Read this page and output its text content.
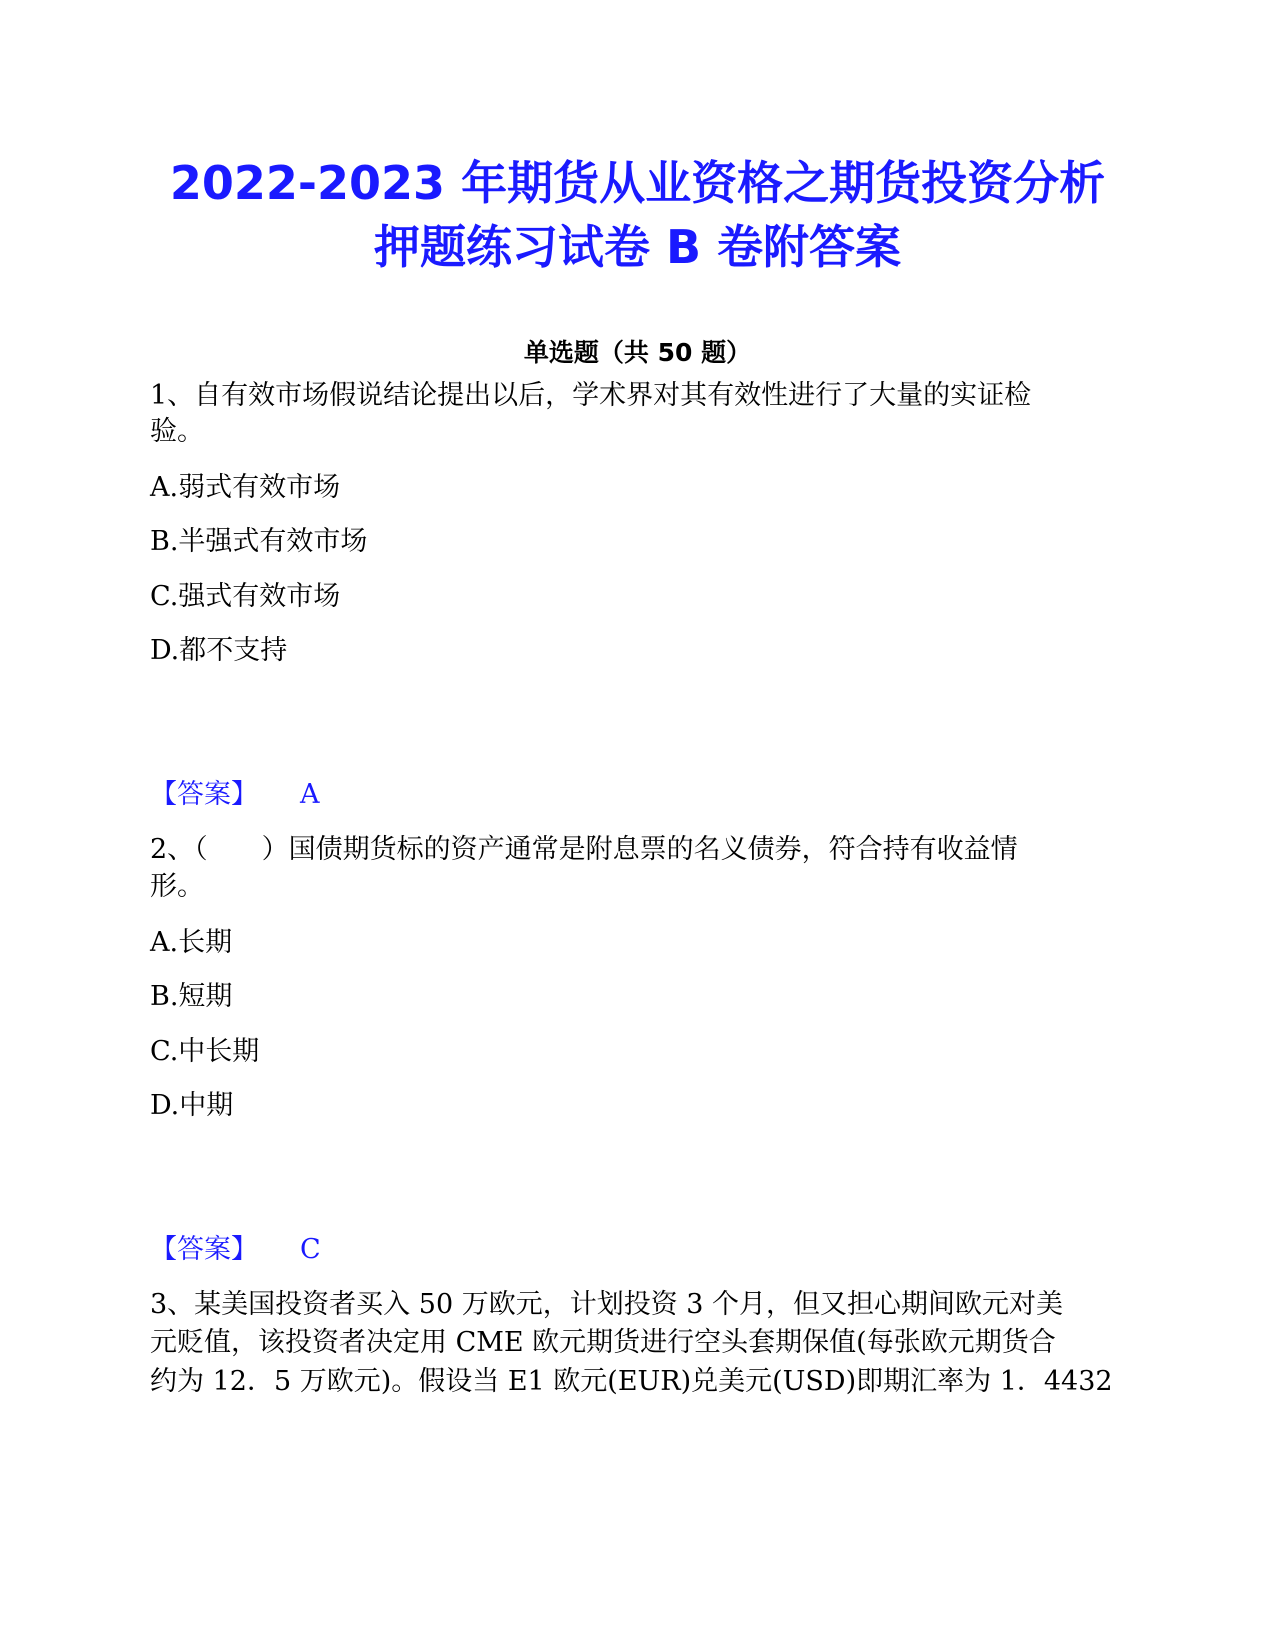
2022-2023 年期货从业资格之期货投资分析
押题练习试卷 B 卷附答案
单选题（共 50 题）
1、自有效市场假说结论提出以后，学术界对其有效性进行了大量的实证检
验。
A.弱式有效市场
B.半强式有效市场
C.强式有效市场
D.都不支持
【答案】 A
2、（　　）国债期货标的资产通常是附息票的名义债券，符合持有收益情
形。
A.长期
B.短期
C.中长期
D.中期
【答案】 C
3、某美国投资者买入 50 万欧元，计划投资 3 个月，但又担心期间欧元对美
元贬值，该投资者决定用 CME 欧元期货进行空头套期保值(每张欧元期货合
约为 12．5 万欧元)。假设当 E1 欧元(EUR)兑美元(USD)即期汇率为 1．4432
